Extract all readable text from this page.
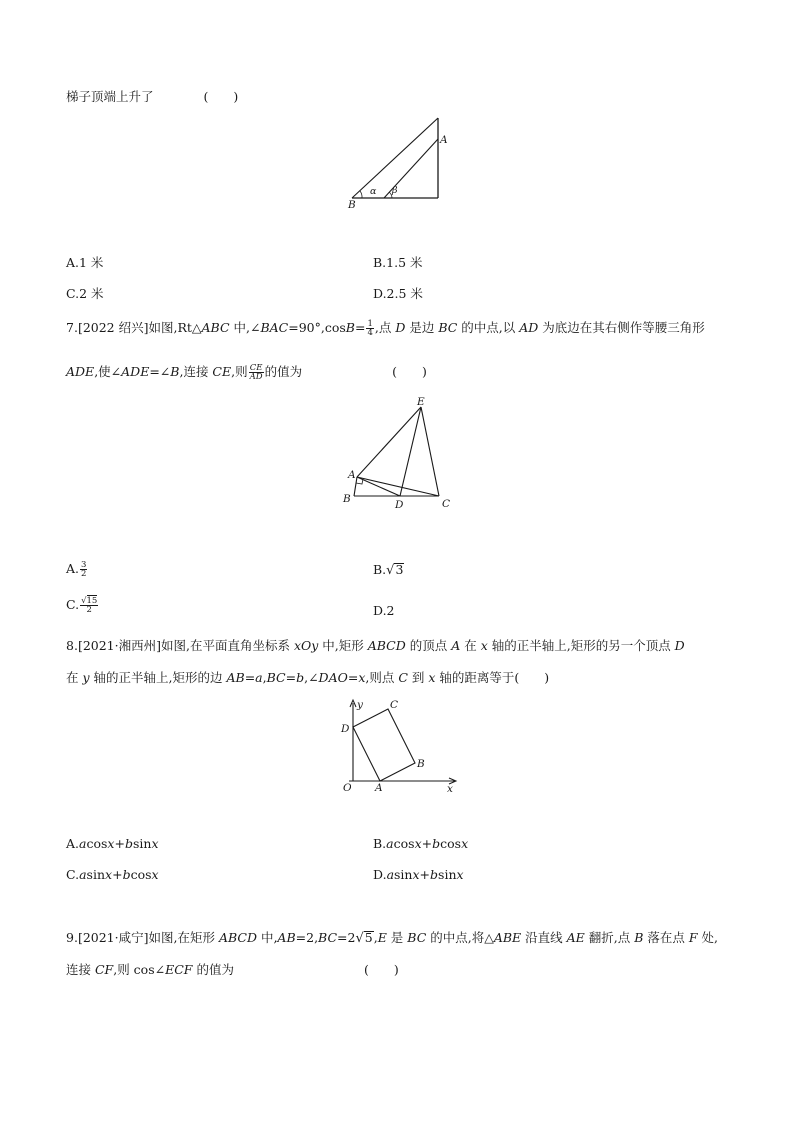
梯子顶端上升了	(　　)
A
B
α β
A.1 米	B.1.5 米
C.2 米	D.2.5 米
7.[2022 绍兴]如图,Rt△ABC 中,∠BAC=90°,cosB= $\frac{1}{4}$ ,点 D 是边 BC 的中点,以 AD 为底边在其右侧作等腰三角形
ADE,使∠ADE=∠B,连接 CE,则 $\frac{CE}{AD}$ 的值为	(　　)
E
A
B	D	C
A. $\frac{3}{2}$	B.√3
C. $\frac{√15}{2}$	D.2
8.[2021·湘西州]如图,在平面直角坐标系 xOy 中,矩形 ABCD 的顶点 A 在 x 轴的正半轴上,矩形的另一个顶点 D
在 y 轴的正半轴上,矩形的边 AB=a,BC=b,∠DAO=x,则点 C 到 x 轴的距离等于(　　)
y
D
C
B
O A	x
A.acosx+bsinx	B.acosx+bcosx
C.asinx+bcosx	D.asinx+bsinx
9.[2021·咸宁]如图,在矩形 ABCD 中,AB=2,BC=2√5,E 是 BC 的中点,将△ABE 沿直线 AE 翻折,点 B 落在点 F 处,
连接 CF,则 cos∠ECF 的值为	(　　)
